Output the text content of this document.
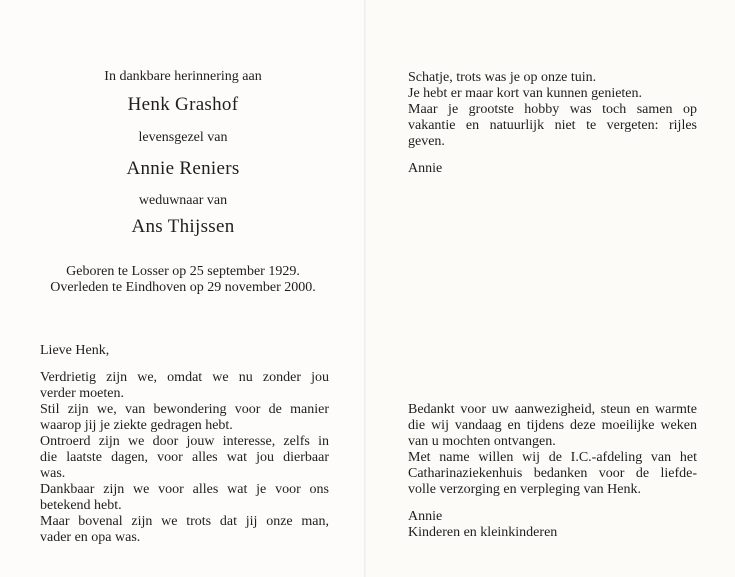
In dankbare herinnering aan
Henk Grashof
levensgezel van
Annie Reniers
weduwnaar van
Ans Thijssen
Geboren te Losser op 25 september 1929.
Overleden te Eindhoven op 29 november 2000.
Lieve Henk,
Verdrietig zijn we, omdat we nu zonder jou
verder moeten.
Stil zijn we, van bewondering voor de manier
waarop jij je ziekte gedragen hebt.
Ontroerd zijn we door jouw interesse, zelfs in
die laatste dagen, voor alles wat jou dierbaar
was.
Dankbaar zijn we voor alles wat je voor ons
betekend hebt.
Maar bovenal zijn we trots dat jij onze man,
vader en opa was.
Schatje, trots was je op onze tuin.
Je hebt er maar kort van kunnen genieten.
Maar je grootste hobby was toch samen op
vakantie en natuurlijk niet te vergeten: rijles
geven.
Annie
Bedankt voor uw aanwezigheid, steun en warmte
die wij vandaag en tijdens deze moeilijke weken
van u mochten ontvangen.
Met name willen wij de I.C.-afdeling van het
Catharinaziekenhuis bedanken voor de liefde-
volle verzorging en verpleging van Henk.
Annie
Kinderen en kleinkinderen
